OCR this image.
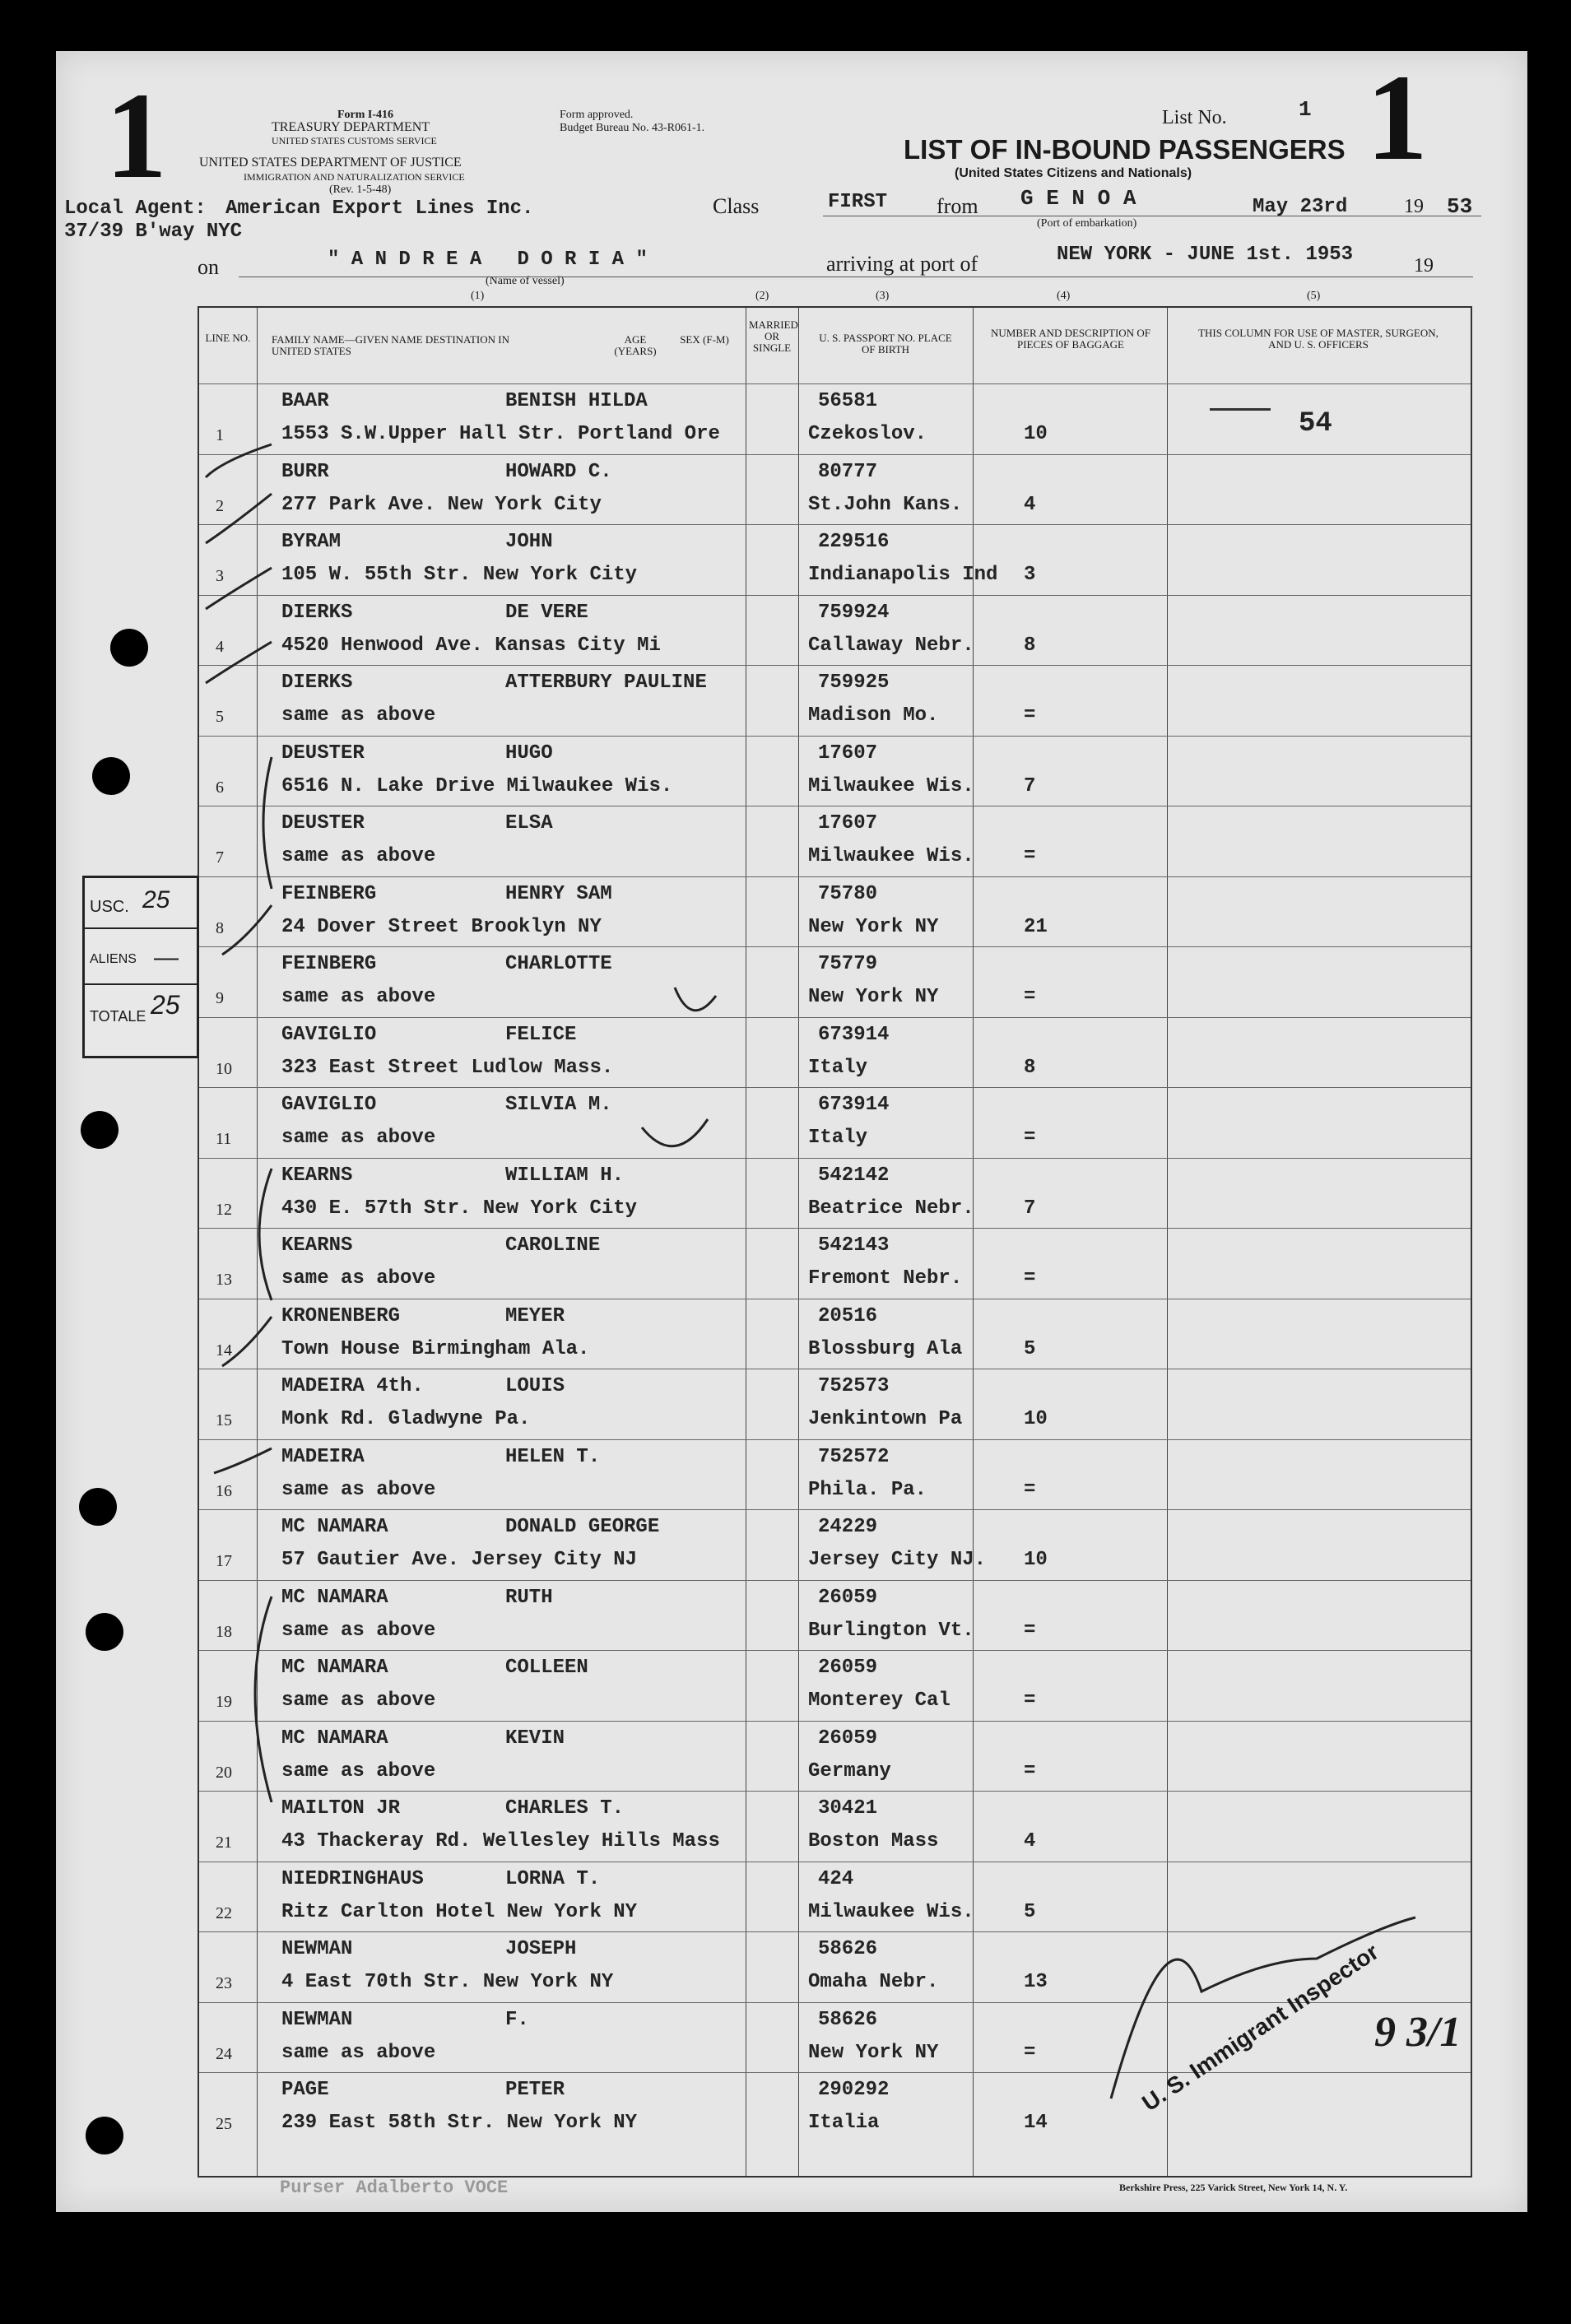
1	1
Form I-416
TREASURY DEPARTMENT
UNITED STATES CUSTOMS SERVICE
Form approved.
Budget Bureau No. 43-R061-1.
UNITED STATES DEPARTMENT OF JUSTICE
IMMIGRATION AND NATURALIZATION SERVICE
(Rev. 1-5-48)
List No.	1
LIST OF IN-BOUND PASSENGERS
(United States Citizens and Nationals)
Local Agent: American Export Lines Inc.
37/39 B'way NYC
Class	FIRST from G E N O A
(Port of embarkation)
May 23rd	19 53
on	" A N D R E A   D O R I A "
(Name of vessel)
arriving at port of	NEW YORK - JUNE 1st. 1953	19
(1)	(2)	(3)	(4)	(5)
LINE NO. FAMILY NAME—GIVEN NAME DESTINATION IN UNITED STATES
AGE (YEARS)
SEX (F-M)
MARRIED OR SINGLE
U. S. PASSPORT NO. PLACE OF BIRTH
NUMBER AND DESCRIPTION OF PIECES OF BAGGAGE
THIS COLUMN FOR USE OF MASTER, SURGEON, AND U. S. OFFICERS
1
BAAR	BENISH HILDA
1553 S.W.Upper Hall Str. Portland Ore
56581
Czekoslov.	10
2
BURR	HOWARD C.
277 Park Ave. New York City
80777
St.John Kans.	4
3
BYRAM	JOHN
105 W. 55th Str. New York City
229516
Indianapolis Ind 3
4
DIERKS	DE VERE
4520 Henwood Ave. Kansas City Mi
759924
Callaway Nebr.	8
5
DIERKS	ATTERBURY PAULINE
same as above
759925
Madison Mo.	=
6
DEUSTER	HUGO
6516 N. Lake Drive Milwaukee Wis.
17607
Milwaukee Wis.	7
7
DEUSTER	ELSA
same as above
17607
Milwaukee Wis.	=
8
FEINBERG	HENRY SAM
24 Dover Street Brooklyn NY
75780
New York NY	21
9
FEINBERG	CHARLOTTE
same as above
75779
New York NY	=
10
GAVIGLIO	FELICE
323 East Street Ludlow Mass.
673914
Italy	8
11
GAVIGLIO	SILVIA M.
same as above
673914
Italy	=
12
KEARNS	WILLIAM H.
430 E. 57th Str. New York City
542142
Beatrice Nebr.	7
13
KEARNS	CAROLINE
same as above
542143
Fremont Nebr.	=
14
KRONENBERG	MEYER
Town House Birmingham Ala.
20516
Blossburg Ala	5
15
MADEIRA 4th.	LOUIS
Monk Rd. Gladwyne Pa.
752573
Jenkintown Pa	10
16
MADEIRA	HELEN T.
same as above
752572
Phila. Pa.	=
17
MC NAMARA	DONALD GEORGE
57 Gautier Ave. Jersey City NJ
24229
Jersey City NJ. 10
18
MC NAMARA	RUTH
same as above
26059
Burlington Vt.	=
19
MC NAMARA	COLLEEN
same as above
26059
Monterey Cal	=
20
MC NAMARA	KEVIN
same as above
26059
Germany	=
21
MAILTON JR	CHARLES T.
43 Thackeray Rd. Wellesley Hills Mass
30421
Boston Mass	4
22
NIEDRINGHAUS	LORNA T.
Ritz Carlton Hotel New York NY
424
Milwaukee Wis.	5
23
NEWMAN	JOSEPH
4 East 70th Str. New York NY
58626
Omaha Nebr.	13
24
NEWMAN	F.
same as above
58626
New York NY	=
25
PAGE	PETER
239 East 58th Str. New York NY
290292
Italia	14
54
USC. 25
ALIENS —
TOTALE 25
Purser Adalberto VOCE	Berkshire Press, 225 Varick Street, New York 14, N. Y.
U. S. Immigrant Inspector
9 3/1
